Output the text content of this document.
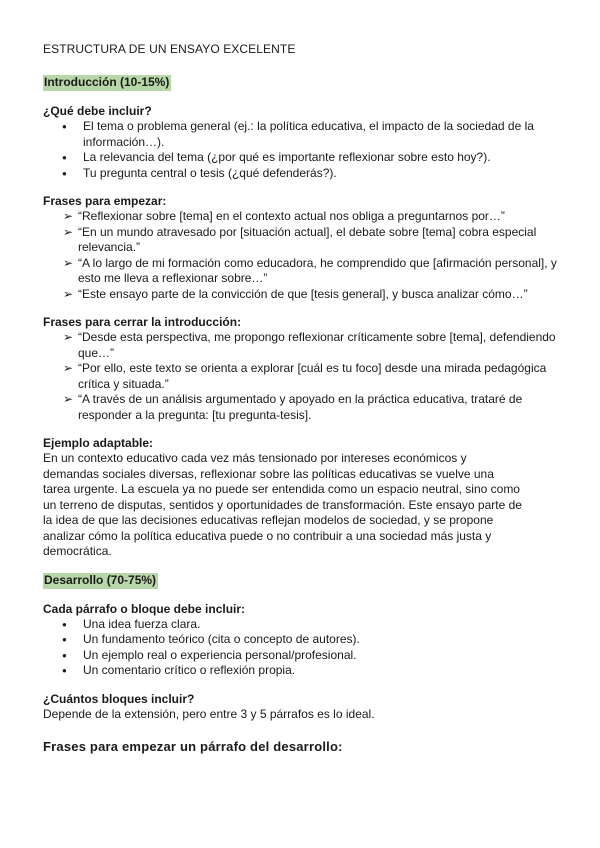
ESTRUCTURA DE UN ENSAYO EXCELENTE
Introducción (10-15%)
¿Qué debe incluir?
● El tema o problema general (ej.: la política educativa, el impacto de la sociedad de la información…).
● La relevancia del tema (¿por qué es importante reflexionar sobre esto hoy?).
● Tu pregunta central o tesis (¿qué defenderás?).
Frases para empezar:
➢ “Reflexionar sobre [tema] en el contexto actual nos obliga a preguntarnos por…”
➢ “En un mundo atravesado por [situación actual], el debate sobre [tema] cobra especial relevancia.”
➢ “A lo largo de mi formación como educadora, he comprendido que [afirmación personal], y esto me lleva a reflexionar sobre…”
➢ “Este ensayo parte de la convicción de que [tesis general], y busca analizar cómo…”
Frases para cerrar la introducción:
➢ “Desde esta perspectiva, me propongo reflexionar críticamente sobre [tema], defendiendo que…”
➢ “Por ello, este texto se orienta a explorar [cuál es tu foco] desde una mirada pedagógica crítica y situada.”
➢ “A través de un análisis argumentado y apoyado en la práctica educativa, trataré de responder a la pregunta: [tu pregunta-tesis].
Ejemplo adaptable:
En un contexto educativo cada vez más tensionado por intereses económicos y
demandas sociales diversas, reflexionar sobre las políticas educativas se vuelve una
tarea urgente. La escuela ya no puede ser entendida como un espacio neutral, sino como
un terreno de disputas, sentidos y oportunidades de transformación. Este ensayo parte de
la idea de que las decisiones educativas reflejan modelos de sociedad, y se propone
analizar cómo la política educativa puede o no contribuir a una sociedad más justa y
democrática.
Desarrollo (70-75%)
Cada párrafo o bloque debe incluir:
● Una idea fuerza clara.
● Un fundamento teórico (cita o concepto de autores).
● Un ejemplo real o experiencia personal/profesional.
● Un comentario crítico o reflexión propia.
¿Cuántos bloques incluir?
Depende de la extensión, pero entre 3 y 5 párrafos es lo ideal.
Frases para empezar un párrafo del desarrollo:
